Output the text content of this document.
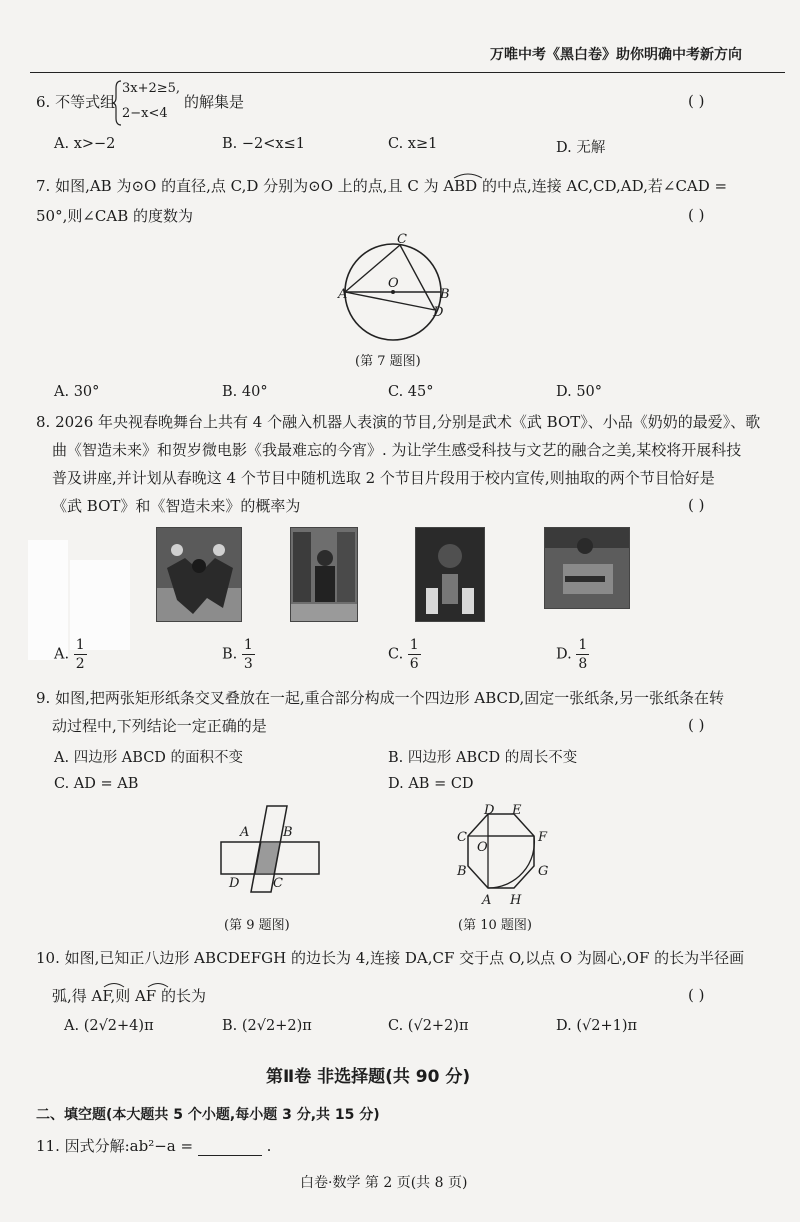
万唯中考《黑白卷》助你明确中考新方向
6. 不等式组
3x+2≥5,
2−x<4
的解集是	( )
A. x>−2	B. −2<x≤1	C. x≥1	D. 无解
7. 如图,AB 为⊙O 的直径,点 C,D 分别为⊙O 上的点,且 C 为 ABD 的中点,连接 AC,CD,AD,若∠CAD =
50°,则∠CAB 的度数为	( )
C
O
A	B
D
(第 7 题图)
A. 30°	B. 40°	C. 45°	D. 50°
8. 2026 年央视春晚舞台上共有 4 个融入机器人表演的节目,分别是武术《武 BOT》、小品《奶奶的最爱》、歌
曲《智造未来》和贺岁微电影《我最难忘的今宵》. 为让学生感受科技与文艺的融合之美,某校将开展科技
普及讲座,并计划从春晚这 4 个节目中随机选取 2 个节目片段用于校内宣传,则抽取的两个节目恰好是
《武 BOT》和《智造未来》的概率为	( )
A. $\frac{1}{2}$	B. $\frac{1}{3}$	C. $\frac{1}{6}$	D. $\frac{1}{8}$
9. 如图,把两张矩形纸条交叉叠放在一起,重合部分构成一个四边形 ABCD,固定一张纸条,另一张纸条在转
动过程中,下列结论一定正确的是	( )
A. 四边形 ABCD 的面积不变	B. 四边形 ABCD 的周长不变
C. AD = AB	D. AB = CD
A	B
C
D
(第 9 题图)
D E
F
G
H
A
B
C
O
(第 10 题图)
10. 如图,已知正八边形 ABCDEFGH 的边长为 4,连接 DA,CF 交于点 O,以点 O 为圆心,OF 的长为半径画
弧,得 AF,则 AF 的长为	( )
A. (2√2+4)π	B. (2√2+2)π	C. (√2+2)π	D. (√2+1)π
第Ⅱ卷 非选择题(共 90 分)
二、填空题(本大题共 5 个小题,每小题 3 分,共 15 分)
11. 因式分解:ab²−a =	.
白卷·数学 第 2 页(共 8 页)
